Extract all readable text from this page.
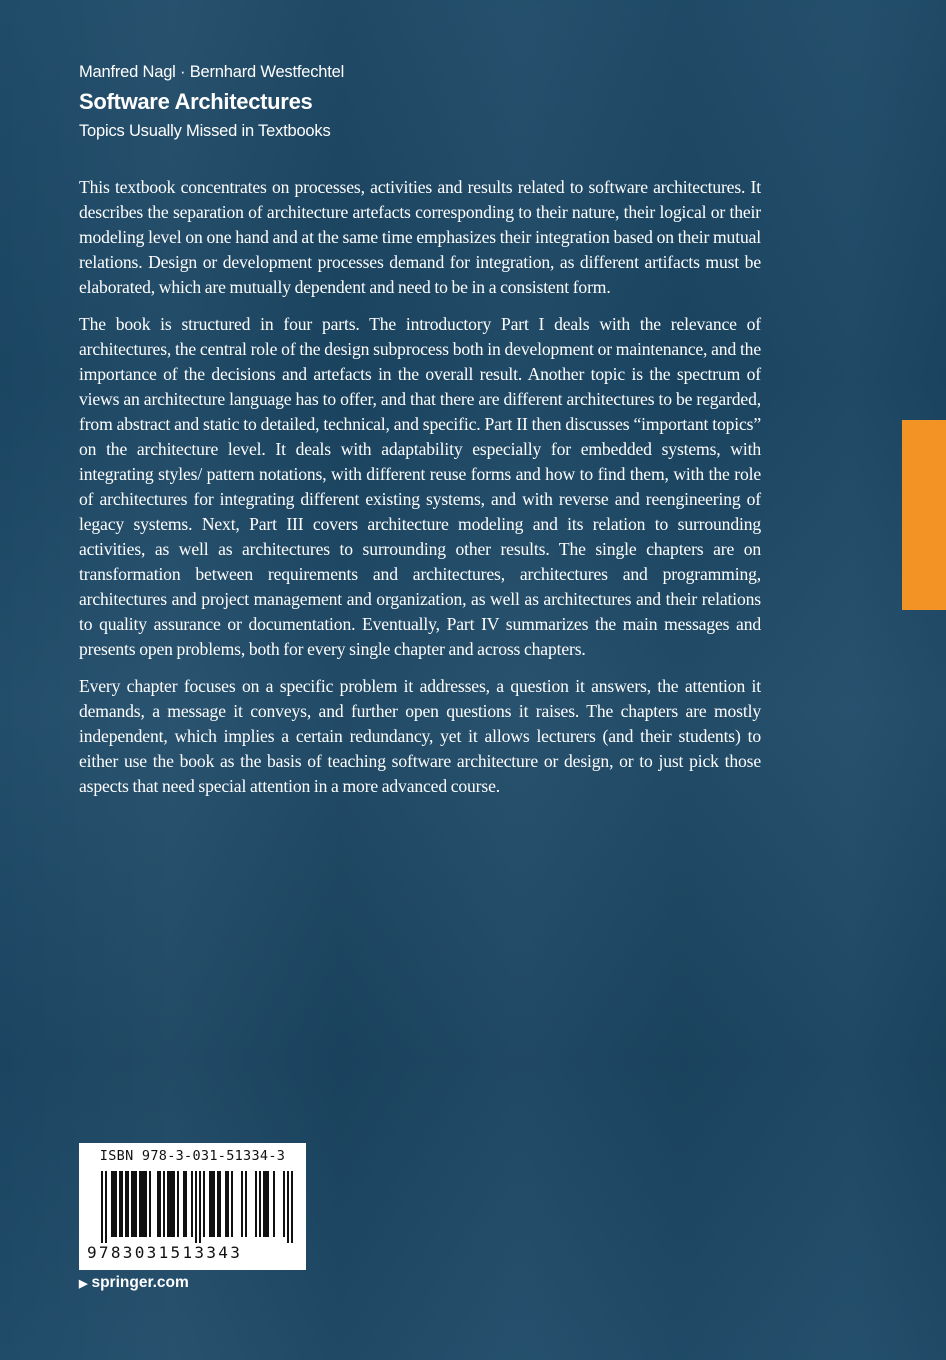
Manfred Nagl · Bernhard Westfechtel
Software Architectures
Topics Usually Missed in Textbooks

This textbook concentrates on processes, activities and results related to software architectures. It describes the separation of architecture artefacts corresponding to their nature, their logical or their modeling level on one hand and at the same time emphasizes their integration based on their mutual relations. Design or development processes demand for integration, as different artifacts must be elaborated, which are mutually dependent and need to be in a consistent form.

The book is structured in four parts. The introductory Part I deals with the relevance of architectures, the central role of the design subprocess both in development or maintenance, and the importance of the decisions and artefacts in the overall result. Another topic is the spectrum of views an architecture language has to offer, and that there are different architectures to be regarded, from abstract and static to detailed, technical, and specific. Part II then discusses “important topics” on the architecture level. It deals with adaptability especially for embedded systems, with integrating styles/ pattern notations, with different reuse forms and how to find them, with the role of architectures for integrating different existing systems, and with reverse and reengineering of legacy systems. Next, Part III covers architecture modeling and its relation to surrounding activities, as well as architectures to surrounding other results. The single chapters are on transformation between requirements and architectures, architectures and programming, architectures and project management and organization, as well as architectures and their relations to quality assurance or documentation. Eventually, Part IV summarizes the main messages and presents open problems, both for every single chapter and across chapters.

Every chapter focuses on a specific problem it addresses, a question it answers, the attention it demands, a message it conveys, and further open questions it raises. The chapters are mostly independent, which implies a certain redundancy, yet it allows lecturers (and their students) to either use the book as the basis of teaching software architecture or design, or to just pick those aspects that need special attention in a more advanced course.

ISBN 978-3-031-51334-3
9783031513343
▶ springer.com
